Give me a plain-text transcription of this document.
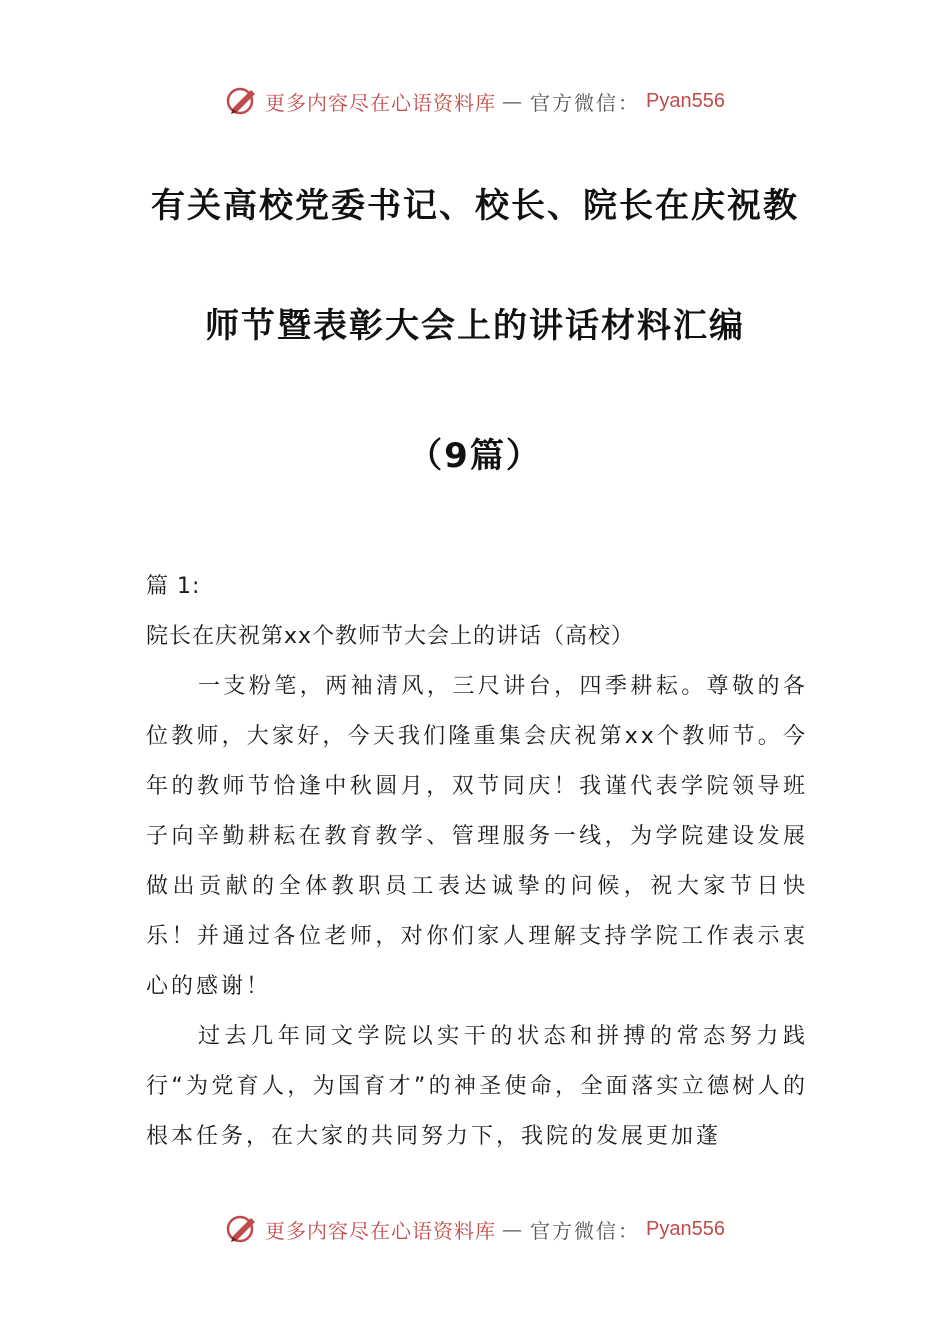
更多内容尽在心语资料库 — 官方微信： Pyan556
有关高校党委书记、校长、院长在庆祝教
师节暨表彰大会上的讲话材料汇编
（9篇）
篇 1:
院长在庆祝第xx个教师节大会上的讲话（高校）
一支粉笔，两袖清风，三尺讲台，四季耕耘。尊敬的各位教师，大家好，今天我们隆重集会庆祝第xx个教师节。今年的教师节恰逢中秋圆月，双节同庆！我谨代表学院领导班子向辛勤耕耘在教育教学、管理服务一线，为学院建设发展做出贡献的全体教职员工表达诚挚的问候，祝大家节日快乐！并通过各位老师，对你们家人理解支持学院工作表示衷心的感谢！
过去几年同文学院以实干的状态和拼搏的常态努力践行“为党育人，为国育才”的神圣使命，全面落实立德树人的根本任务，在大家的共同努力下，我院的发展更加蓬
更多内容尽在心语资料库 — 官方微信： Pyan556
